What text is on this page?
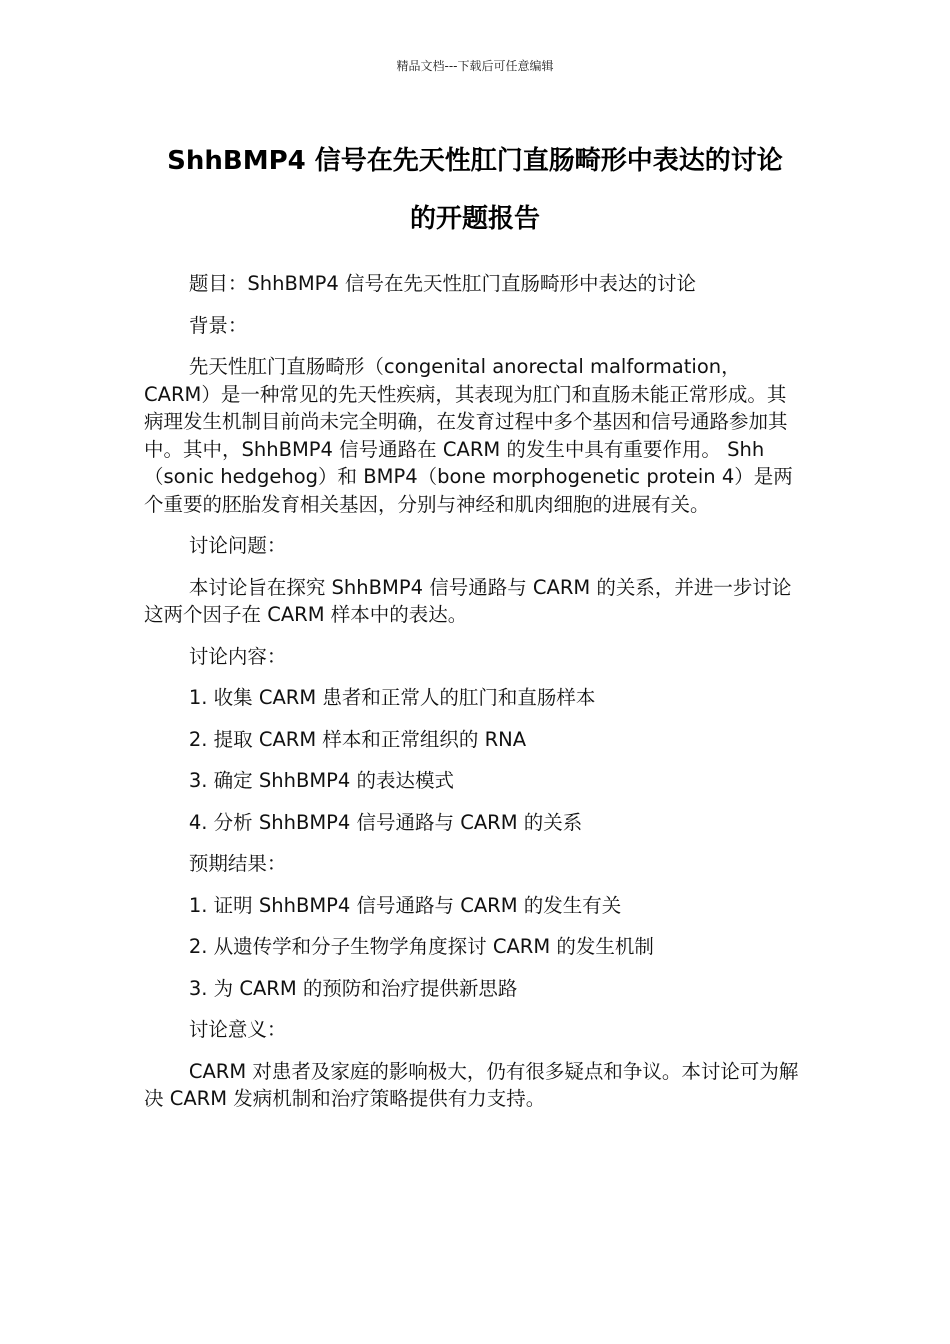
精品文档---下载后可任意编辑
ShhBMP4 信号在先天性肛门直肠畸形中表达的讨论
的开题报告

题目：ShhBMP4 信号在先天性肛门直肠畸形中表达的讨论

背景：

先天性肛门直肠畸形（congenital anorectal malformation，CARM）是一种常见的先天性疾病，其表现为肛门和直肠未能正常形成。其病理发生机制目前尚未完全明确，在发育过程中多个基因和信号通路参加其中。其中，ShhBMP4 信号通路在 CARM 的发生中具有重要作用。 Shh（sonic hedgehog）和 BMP4（bone morphogenetic protein 4）是两个重要的胚胎发育相关基因，分别与神经和肌肉细胞的进展有关。

讨论问题：

本讨论旨在探究 ShhBMP4 信号通路与 CARM 的关系，并进一步讨论这两个因子在 CARM 样本中的表达。

讨论内容：

1. 收集 CARM 患者和正常人的肛门和直肠样本

2. 提取 CARM 样本和正常组织的 RNA

3. 确定 ShhBMP4 的表达模式

4. 分析 ShhBMP4 信号通路与 CARM 的关系

预期结果：

1. 证明 ShhBMP4 信号通路与 CARM 的发生有关

2. 从遗传学和分子生物学角度探讨 CARM 的发生机制

3. 为 CARM 的预防和治疗提供新思路

讨论意义：

CARM 对患者及家庭的影响极大，仍有很多疑点和争议。本讨论可为解决 CARM 发病机制和治疗策略提供有力支持。
